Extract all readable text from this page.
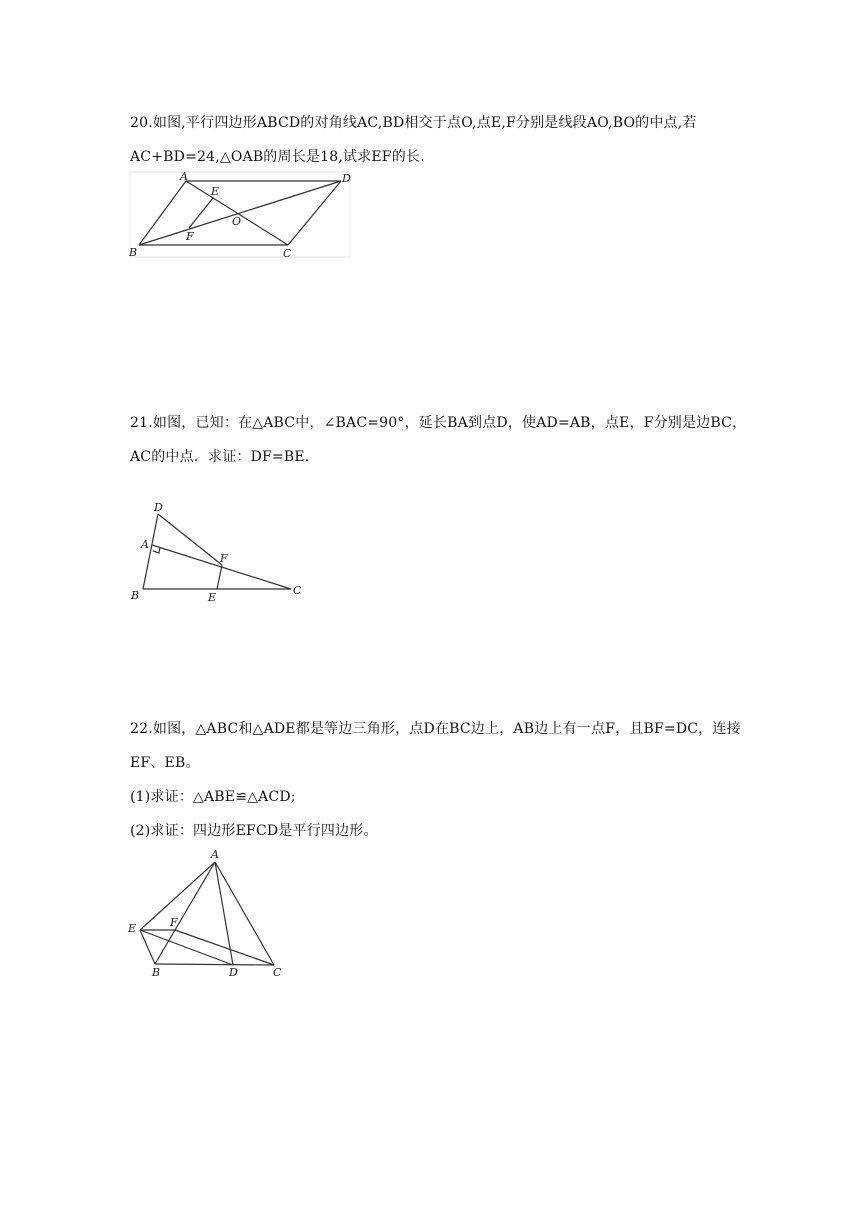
20.如图,平行四边形ABCD的对角线AC,BD相交于点O,点E,F分别是线段AO,BO的中点,若
AC+BD=24,△OAB的周长是18,试求EF的长.
A	D
E
O
F
B	C
21.如图，已知：在△ABC中，∠BAC=90°，延长BA到点D，使AD=AB，点E，F分别是边BC，
AC的中点．求证：DF=BE.
D
A
F
B	E
C
22.如图，△ABC和△ADE都是等边三角形，点D在BC边上，AB边上有一点F，且BF=DC，连接
EF、EB。
(1)求证：△ABE≌△ACD;
(2)求证：四边形EFCD是平行四边形。
A
E	F
B	D	C
